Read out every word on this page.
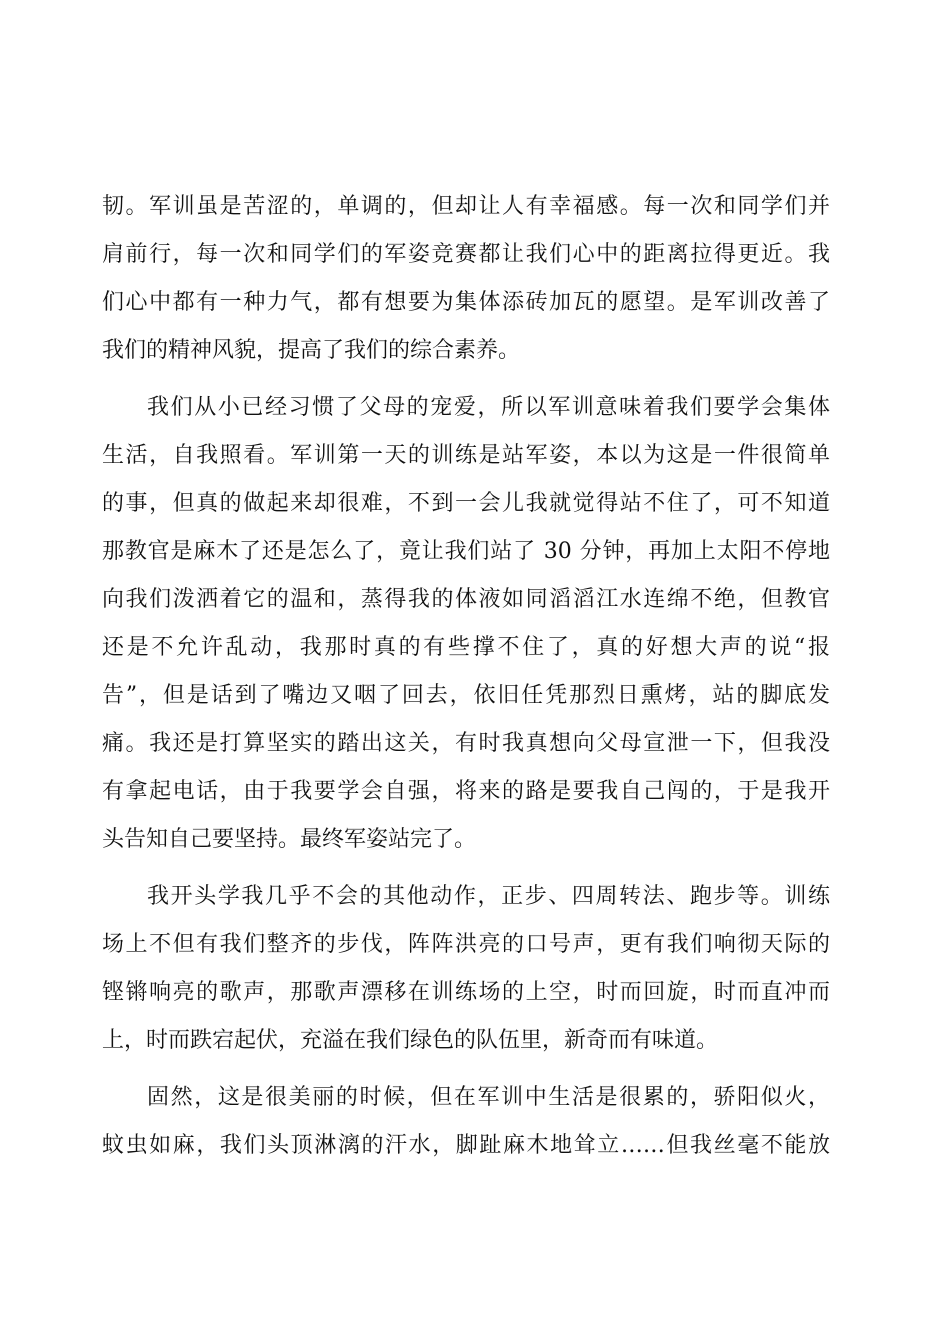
韧。军训虽是苦涩的，单调的，但却让人有幸福感。每一次和同学们并
肩前行，每一次和同学们的军姿竞赛都让我们心中的距离拉得更近。我
们心中都有一种力气，都有想要为集体添砖加瓦的愿望。是军训改善了
我们的精神风貌，提高了我们的综合素养。
我们从小已经习惯了父母的宠爱，所以军训意味着我们要学会集体
生活，自我照看。军训第一天的训练是站军姿，本以为这是一件很简单
的事，但真的做起来却很难，不到一会儿我就觉得站不住了，可不知道
那教官是麻木了还是怎么了，竟让我们站了 30 分钟，再加上太阳不停地
向我们泼洒着它的温和，蒸得我的体液如同滔滔江水连绵不绝，但教官
还是不允许乱动，我那时真的有些撑不住了，真的好想大声的说“报
告”，但是话到了嘴边又咽了回去，依旧任凭那烈日熏烤，站的脚底发
痛。我还是打算坚实的踏出这关，有时我真想向父母宣泄一下，但我没
有拿起电话，由于我要学会自强，将来的路是要我自己闯的，于是我开
头告知自己要坚持。最终军姿站完了。
我开头学我几乎不会的其他动作，正步、四周转法、跑步等。训练
场上不但有我们整齐的步伐，阵阵洪亮的口号声，更有我们响彻天际的
铿锵响亮的歌声，那歌声漂移在训练场的上空，时而回旋，时而直冲而
上，时而跌宕起伏，充溢在我们绿色的队伍里，新奇而有味道。
固然，这是很美丽的时候，但在军训中生活是很累的，骄阳似火，
蚊虫如麻，我们头顶淋漓的汗水，脚趾麻木地耸立……但我丝毫不能放
